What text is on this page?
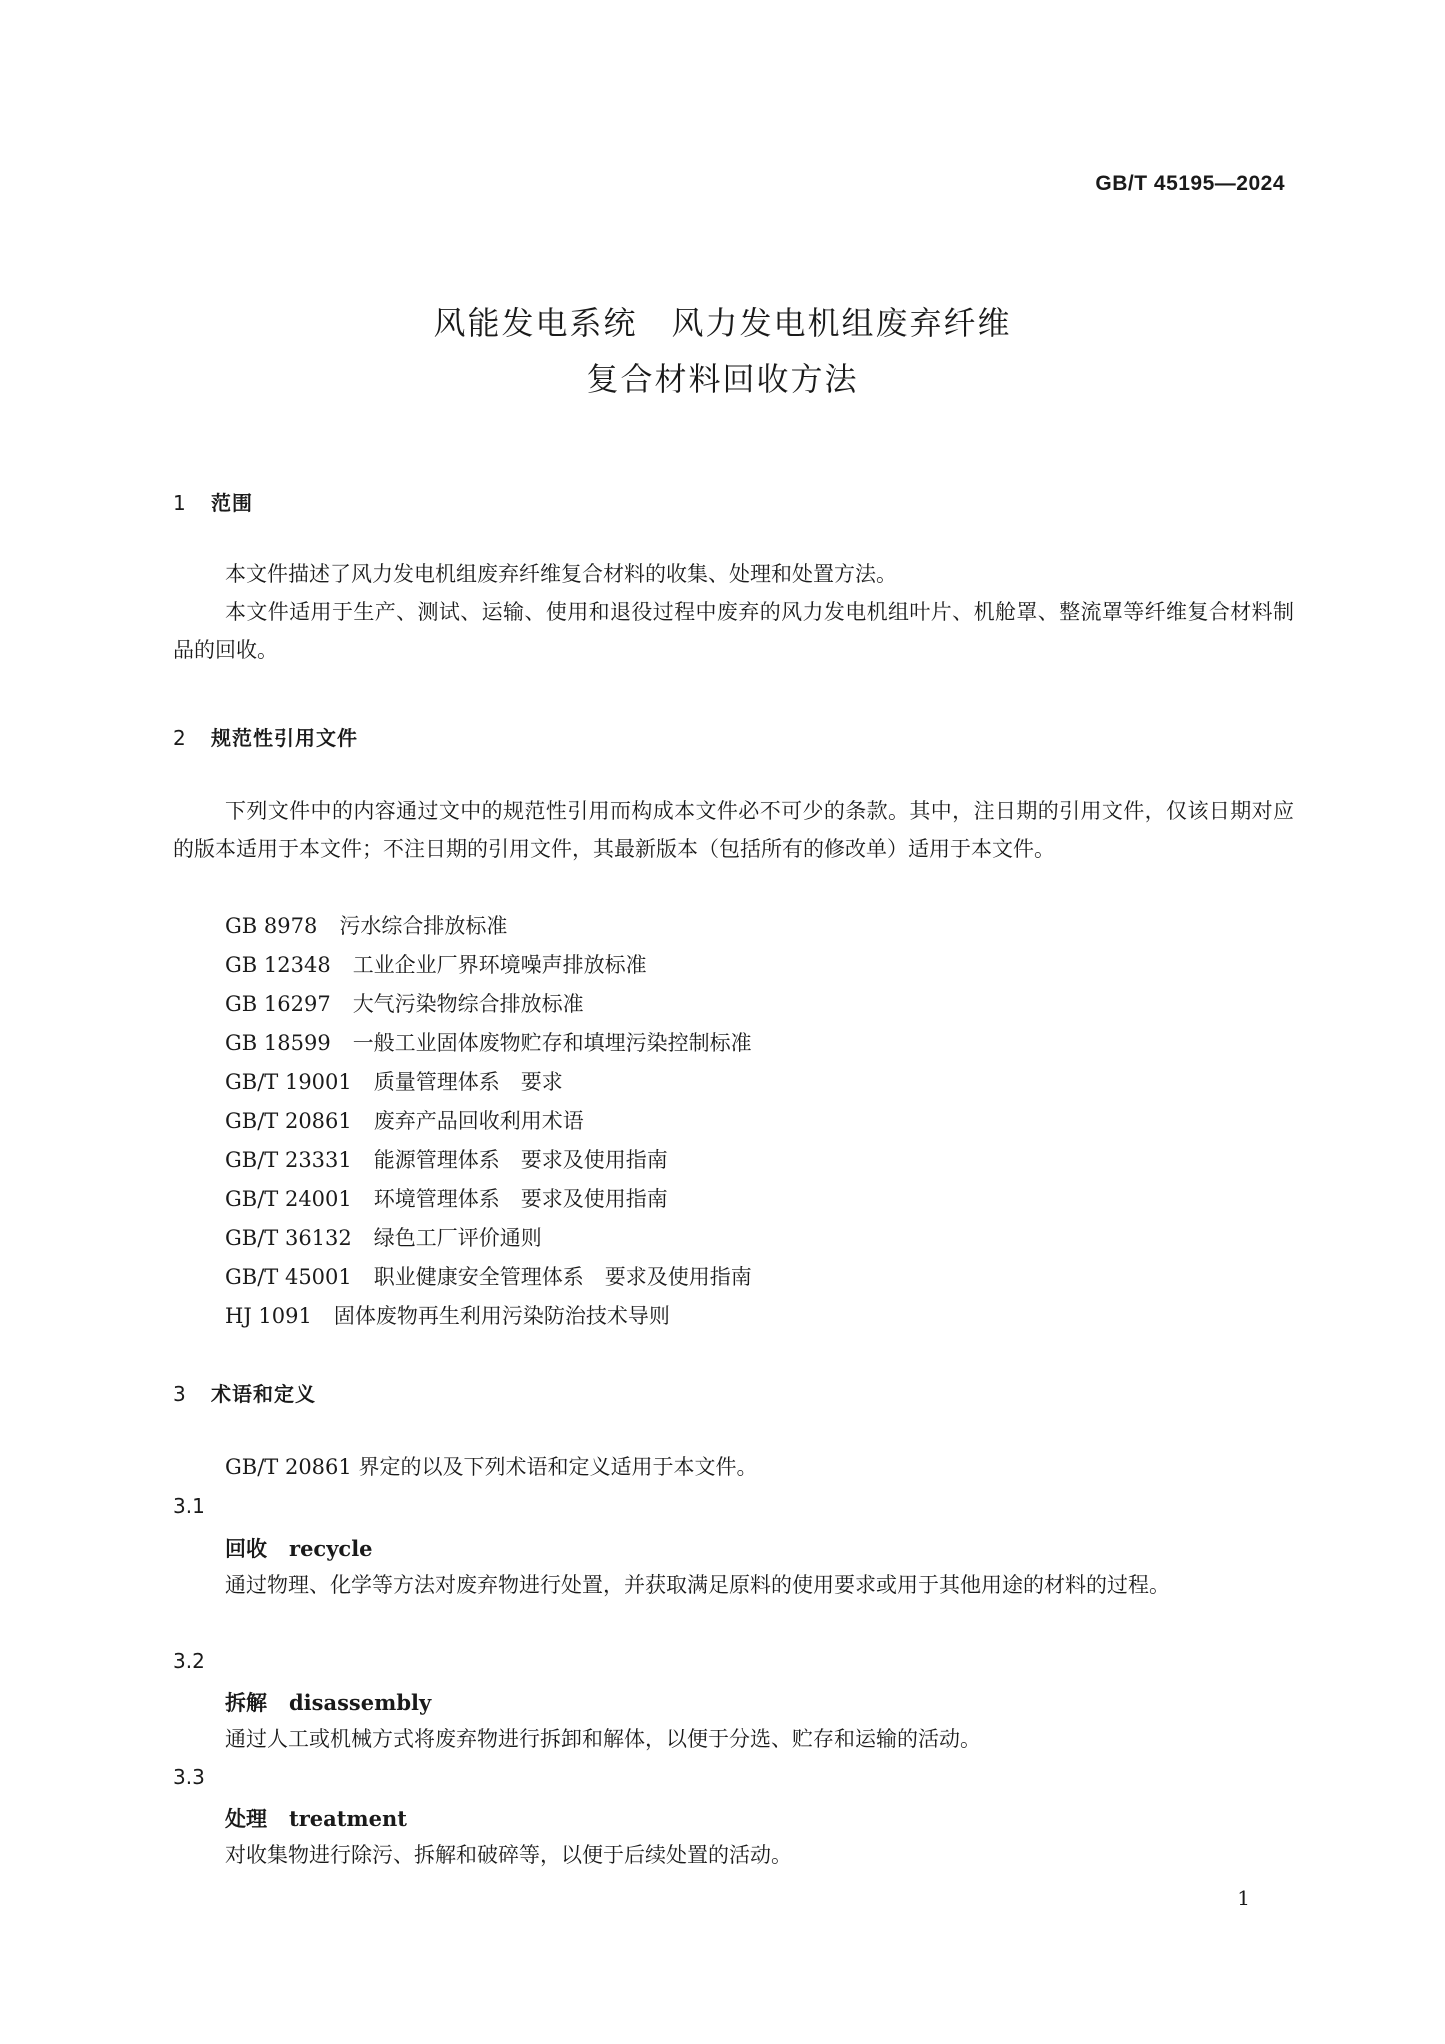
GB/T 45195—2024
风能发电系统　风力发电机组废弃纤维
复合材料回收方法
1 范围

本文件描述了风力发电机组废弃纤维复合材料的收集、处理和处置方法。

本文件适用于生产、测试、运输、使用和退役过程中废弃的风力发电机组叶片、机舱罩、整流罩等纤维复合材料制品的回收。

2 规范性引用文件

下列文件中的内容通过文中的规范性引用而构成本文件必不可少的条款。其中，注日期的引用文件，仅该日期对应的版本适用于本文件；不注日期的引用文件，其最新版本（包括所有的修改单）适用于本文件。

GB 8978 污水综合排放标准
GB 12348 工业企业厂界环境噪声排放标准
GB 16297 大气污染物综合排放标准
GB 18599 一般工业固体废物贮存和填埋污染控制标准
GB/T 19001 质量管理体系　要求
GB/T 20861 废弃产品回收利用术语
GB/T 23331 能源管理体系　要求及使用指南
GB/T 24001 环境管理体系　要求及使用指南
GB/T 36132 绿色工厂评价通则
GB/T 45001 职业健康安全管理体系　要求及使用指南
HJ 1091 固体废物再生利用污染防治技术导则
3 术语和定义

GB/T 20861 界定的以及下列术语和定义适用于本文件。

3.1
回收 recycle

通过物理、化学等方法对废弃物进行处置，并获取满足原料的使用要求或用于其他用途的材料的过程。

3.2
拆解 disassembly

通过人工或机械方式将废弃物进行拆卸和解体，以便于分选、贮存和运输的活动。

3.3
处理 treatment

对收集物进行除污、拆解和破碎等，以便于后续处置的活动。

1
